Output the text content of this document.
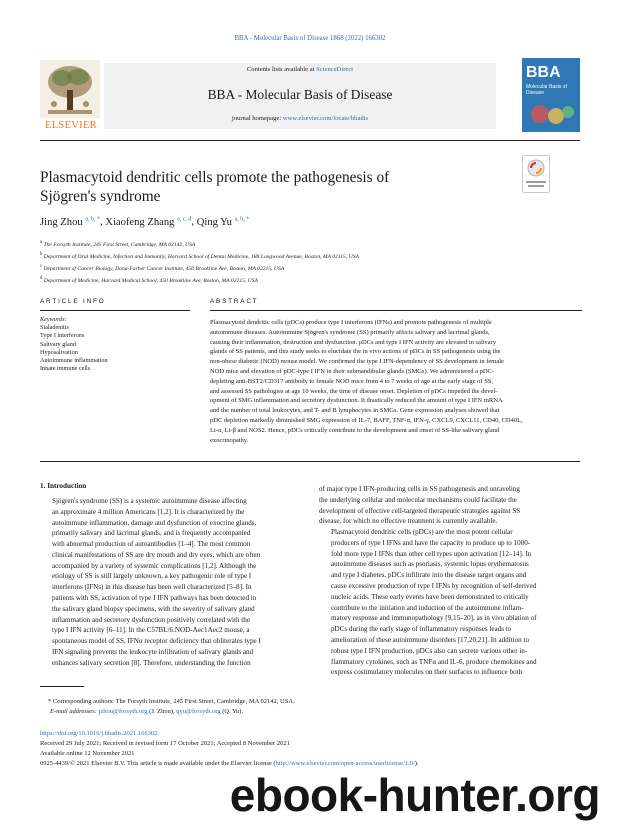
BBA - Molecular Basis of Disease 1868 (2022) 166302
ELSEVIER
Contents lists available at ScienceDirect
BBA - Molecular Basis of Disease
journal homepage: www.elsevier.com/locate/bbadis
BBA
Molecular Basis of Disease
Plasmacytoid dendritic cells promote the pathogenesis of
Sjögren's syndrome
Jing Zhou $^{a, b, *}$, Xiaofeng Zhang $^{a, c, d}$, Qing Yu $^{a, b, *}$
$^a$ The Forsyth Institute, 245 First Street, Cambridge, MA 02142, USA
$^b$ Department of Oral Medicine, Infection and Immunity, Harvard School of Dental Medicine, 188 Longwood Avenue, Boston, MA 02115, USA
$^c$ Department of Cancer Biology, Dana-Farber Cancer Institute, 450 Brookline Ave, Boston, MA 02215, USA
$^d$ Department of Medicine, Harvard Medical School, 450 Brookline Ave, Boston, MA 02215, USA
ARTICLE INFO	ABSTRACT
Keywords:
Sialadenitis
Type I interferons
Salivary gland
Hyposalivation
Autoimmune inflammation
Innate immune cells
Plasmacytoid dendritic cells (pDCs) produce type I interferons (IFNs) and promote pathogenesis of multiple
autoimmune diseases. Autoimmune Sjögren's syndrome (SS) primarily affects salivary and lacrimal glands,
causing their inflammation, destruction and dysfunction. pDCs and type I IFN activity are elevated in salivary
glands of SS patients, and this study seeks to elucidate the in vivo actions of pDCs in SS pathogenesis using the
non-obese diabetic (NOD) mouse model. We confirmed the type I IFN-dependency of SS development in female
NOD mice and elevation of pDC-type I IFN in their submandibular glands (SMGs). We administered a pDC-
depleting anti-BST2/CD317 antibody to female NOD mice from 4 to 7 weeks of age at the early stage of SS,
and assessed SS pathologies at age 10 weeks, the time of disease onset. Depletion of pDCs impeded the devel-
opment of SMG inflammation and secretory dysfunction. It drastically reduced the amount of type I IFN mRNA
and the number of total leukocytes, and T- and B lymphocytes in SMGs. Gene expression analyses showed that
pDC depletion markedly diminished SMG expression of IL-7, BAFF, TNF-α, IFN-γ, CXCL9, CXCL11, CD40, CD40L,
Lt-α, Lt-β and NOS2. Hence, pDCs critically contribute to the development and onset of SS-like salivary gland
exocrinopathy.
1. Introduction

Sjögren's syndrome (SS) is a systemic autoimmune disease affecting
an approximate 4 million Americans [1,2]. It is characterized by the
autoimmune inflammation, damage and dysfunction of exocrine glands,
primarily salivary and lacrimal glands, and is frequently accompanied
with abnormal production of autoantibodies [1–4]. The most common
clinical manifestations of SS are dry mouth and dry eyes, which are often
accompanied by a variety of systemic complications [1,2]. Although the
etiology of SS is still largely unknown, a key pathogenic role of type I
interferons (IFNs) in this disease has been well characterized [5–8]. In
patients with SS, activation of type I IFN pathways has been detected in
the salivary gland biopsy specimens, with the severity of salivary gland
inflammation and secretory dysfunction positively correlated with the
type I IFN activity [6–11]. In the C57BL/6.NOD-Aec1Aec2 mouse, a
spontaneous model of SS, IFNα receptor deficiency that obliterates type I
IFN signaling prevents the leukocyte infiltration of salivary glands and
enhances salivary secretion [8]. Therefore, understanding the function

of major type I IFN-producing cells in SS pathogenesis and unraveling
the underlying cellular and molecular mechanisms could facilitate the
development of effective cell-targeted therapeutic strategies against SS
disease, for which no effective treatment is currently available.

Plasmacytoid dendritic cells (pDCs) are the most potent cellular
producers of type I IFNs and have the capacity to produce up to 1000-
fold more type I IFNs than other cell types upon activation [12–14]. In
autoimmune diseases such as psoriasis, systemic lupus erythematosus
and type I diabetes, pDCs infiltrate into the disease target organs and
cause excessive production of type I IFNs by recognition of self-derived
nucleic acids. These early events have been demonstrated to critically
contribute to the initiation and induction of the autoimmune inflam-
matory response and immunopathology [9,15–20], as in vivo ablation of
pDCs during the early stage of inflammatory responses leads to
amelioration of these autoimmune disorders [17,20,21]. In addition to
robust type I IFN production, pDCs also can secrete various other in-
flammatory cytokines, such as TNFα and IL-6, produce chemokines and
express costimulatory molecules on their surfaces to influence both

* Corresponding authors: The Forsyth Institute, 245 First Street, Cambridge, MA 02142, USA.
E-mail addresses: jzhou@forsyth.org (J. Zhou), qyu@forsyth.org (Q. Yu).
https://doi.org/10.1016/j.bbadis.2021.166302
Received 29 July 2021; Received in revised form 17 October 2021; Accepted 8 November 2021
Available online 12 November 2021
0925-4439/© 2021 Elsevier B.V. This article is made available under the Elsevier license (http://www.elsevier.com/open-access/userlicense/1.0/).
ebook-hunter.org
